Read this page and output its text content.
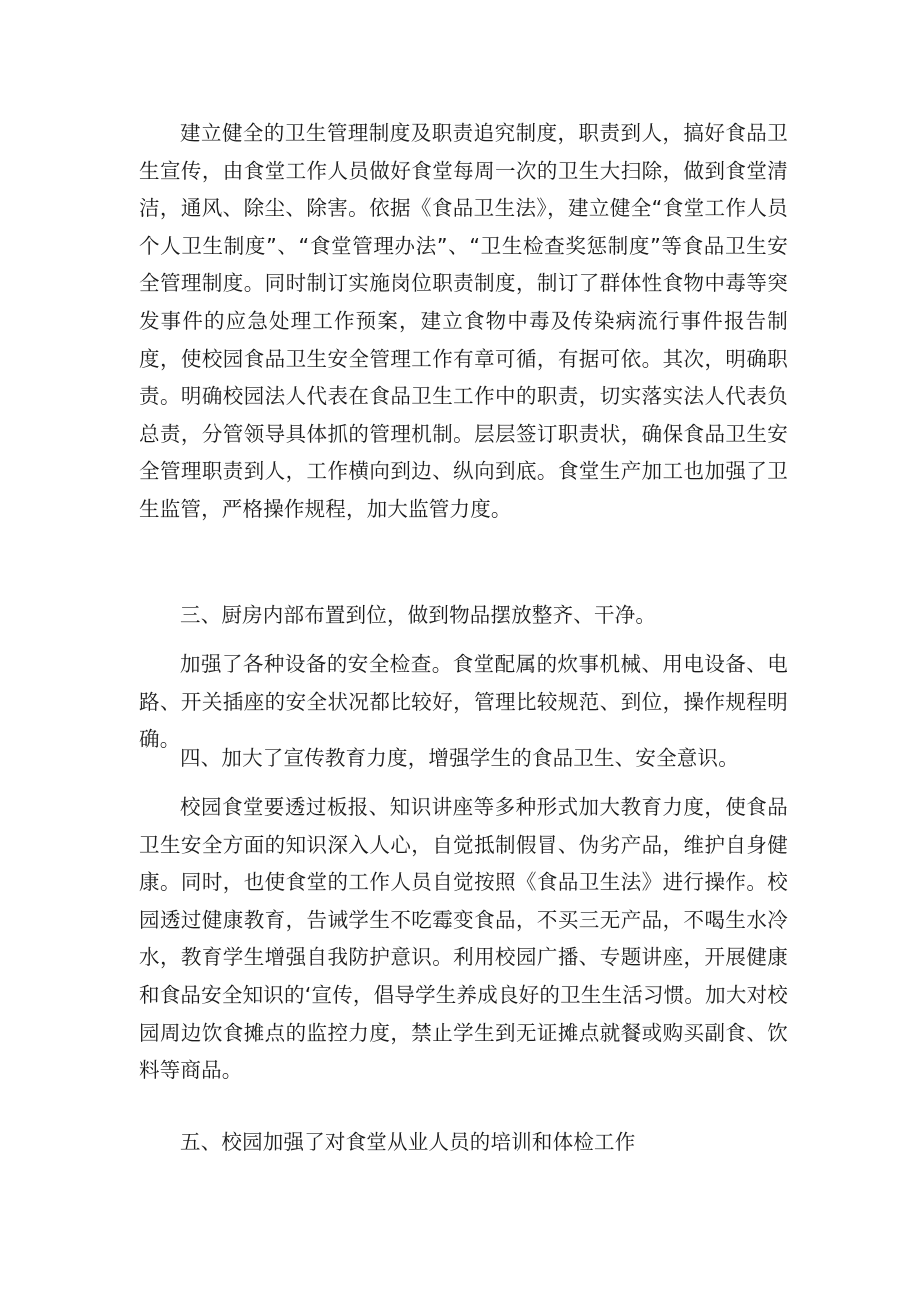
建立健全的卫生管理制度及职责追究制度，职责到人，搞好食品卫生宣传，由食堂工作人员做好食堂每周一次的卫生大扫除，做到食堂清洁，通风、除尘、除害。依据《食品卫生法》，建立健全“食堂工作人员个人卫生制度”、“食堂管理办法”、“卫生检查奖惩制度”等食品卫生安全管理制度。同时制订实施岗位职责制度，制订了群体性食物中毒等突发事件的应急处理工作预案，建立食物中毒及传染病流行事件报告制度，使校园食品卫生安全管理工作有章可循，有据可依。其次，明确职责。明确校园法人代表在食品卫生工作中的职责，切实落实法人代表负总责，分管领导具体抓的管理机制。层层签订职责状，确保食品卫生安全管理职责到人，工作横向到边、纵向到底。食堂生产加工也加强了卫生监管，严格操作规程，加大监管力度。

三、厨房内部布置到位，做到物品摆放整齐、干净。

加强了各种设备的安全检查。食堂配属的炊事机械、用电设备、电路、开关插座的安全状况都比较好，管理比较规范、到位，操作规程明确。

四、加大了宣传教育力度，增强学生的食品卫生、安全意识。

校园食堂要透过板报、知识讲座等多种形式加大教育力度，使食品卫生安全方面的知识深入人心，自觉抵制假冒、伪劣产品，维护自身健康。同时，也使食堂的工作人员自觉按照《食品卫生法》进行操作。校园透过健康教育，告诫学生不吃霉变食品，不买三无产品，不喝生水冷水，教育学生增强自我防护意识。利用校园广播、专题讲座，开展健康和食品安全知识的‘宣传，倡导学生养成良好的卫生生活习惯。加大对校园周边饮食摊点的监控力度，禁止学生到无证摊点就餐或购买副食、饮料等商品。

五、校园加强了对食堂从业人员的培训和体检工作
